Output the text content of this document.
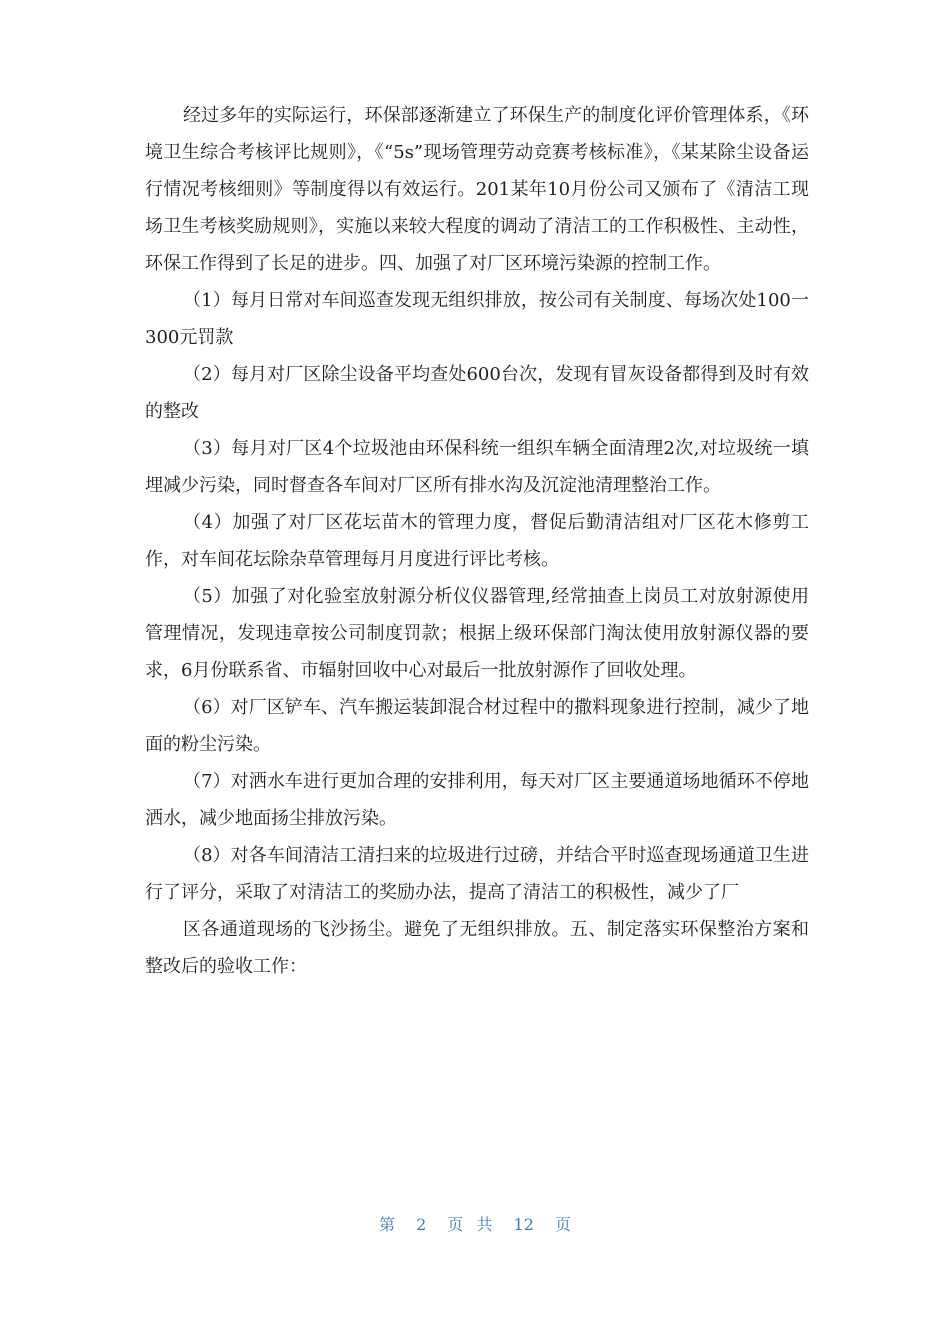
经过多年的实际运行，环保部逐渐建立了环保生产的制度化评价管理体系，《环境卫生综合考核评比规则》，《“5s”现场管理劳动竞赛考核标准》，《某某除尘设备运行情况考核细则》等制度得以有效运行。201某年10月份公司又颁布了《清洁工现场卫生考核奖励规则》，实施以来较大程度的调动了清洁工的工作积极性、主动性，环保工作得到了长足的进步。四、加强了对厂区环境污染源的控制工作。

（1）每月日常对车间巡查发现无组织排放，按公司有关制度、每场次处100一300元罚款

（2）每月对厂区除尘设备平均查处600台次，发现有冒灰设备都得到及时有效的整改

（3）每月对厂区4个垃圾池由环保科统一组织车辆全面清理2次,对垃圾统一填埋减少污染，同时督查各车间对厂区所有排水沟及沉淀池清理整治工作。

（4）加强了对厂区花坛苗木的管理力度，督促后勤清洁组对厂区花木修剪工作，对车间花坛除杂草管理每月月度进行评比考核。

（5）加强了对化验室放射源分析仪仪器管理,经常抽查上岗员工对放射源使用管理情况，发现违章按公司制度罚款；根据上级环保部门淘汰使用放射源仪器的要求，6月份联系省、市辐射回收中心对最后一批放射源作了回收处理。

（6）对厂区铲车、汽车搬运装卸混合材过程中的撒料现象进行控制，减少了地面的粉尘污染。

（7）对洒水车进行更加合理的安排利用，每天对厂区主要通道场地循环不停地洒水，减少地面扬尘排放污染。

（8）对各车间清洁工清扫来的垃圾进行过磅，并结合平时巡查现场通道卫生进行了评分，采取了对清洁工的奖励办法，提高了清洁工的积极性，减少了厂

区各通道现场的飞沙扬尘。避免了无组织排放。五、制定落实环保整治方案和整改后的验收工作：

第 2 页 共 12 页
